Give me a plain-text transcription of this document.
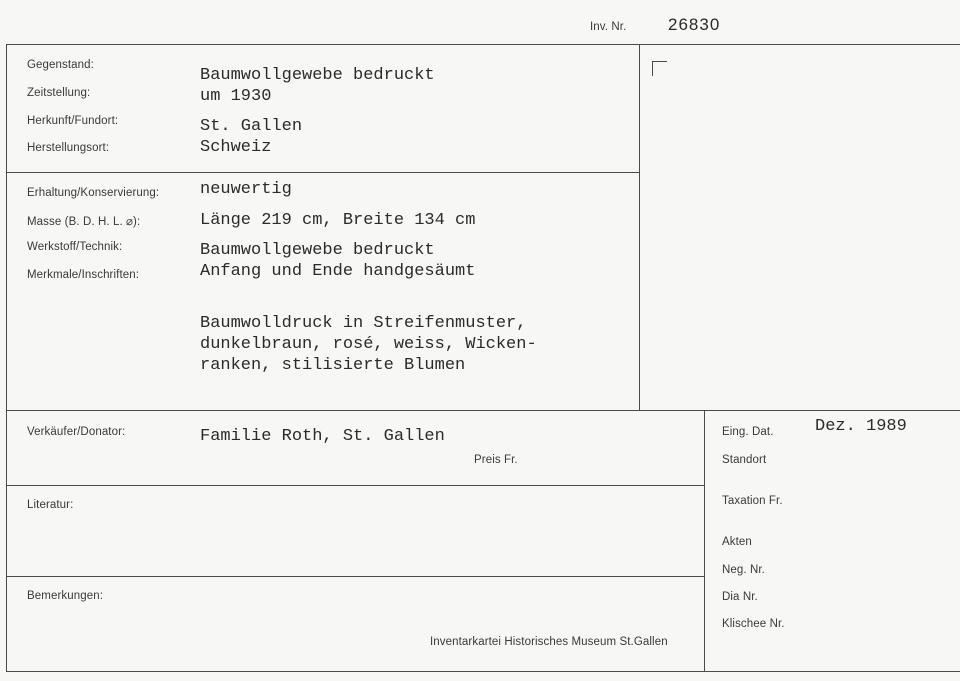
Inv. Nr. 26830
Gegenstand:
Zeitstellung:
Herkunft/Fundort:
Herstellungsort:
Baumwollgewebe bedruckt
um 1930
St. Gallen
Schweiz
Erhaltung/Konservierung:
Masse (B. D. H. L. ⌀):
Werkstoff/Technik:
Merkmale/Inschriften:
neuwertig
Länge 219 cm, Breite 134 cm
Baumwollgewebe bedruckt
Anfang und Ende handgesäumt
Baumwolldruck in Streifenmuster,
dunkelbraun, rosé, weiss, Wicken-
ranken, stilisierte Blumen
Verkäufer/Donator:	Familie Roth, St. Gallen
Preis Fr.
Literatur:
Bemerkungen:
Inventarkartei Historisches Museum St.Gallen
Eing. Dat. Dez. 1989
Standort
Taxation Fr.
Akten
Neg. Nr.
Dia Nr.
Klischee Nr.
